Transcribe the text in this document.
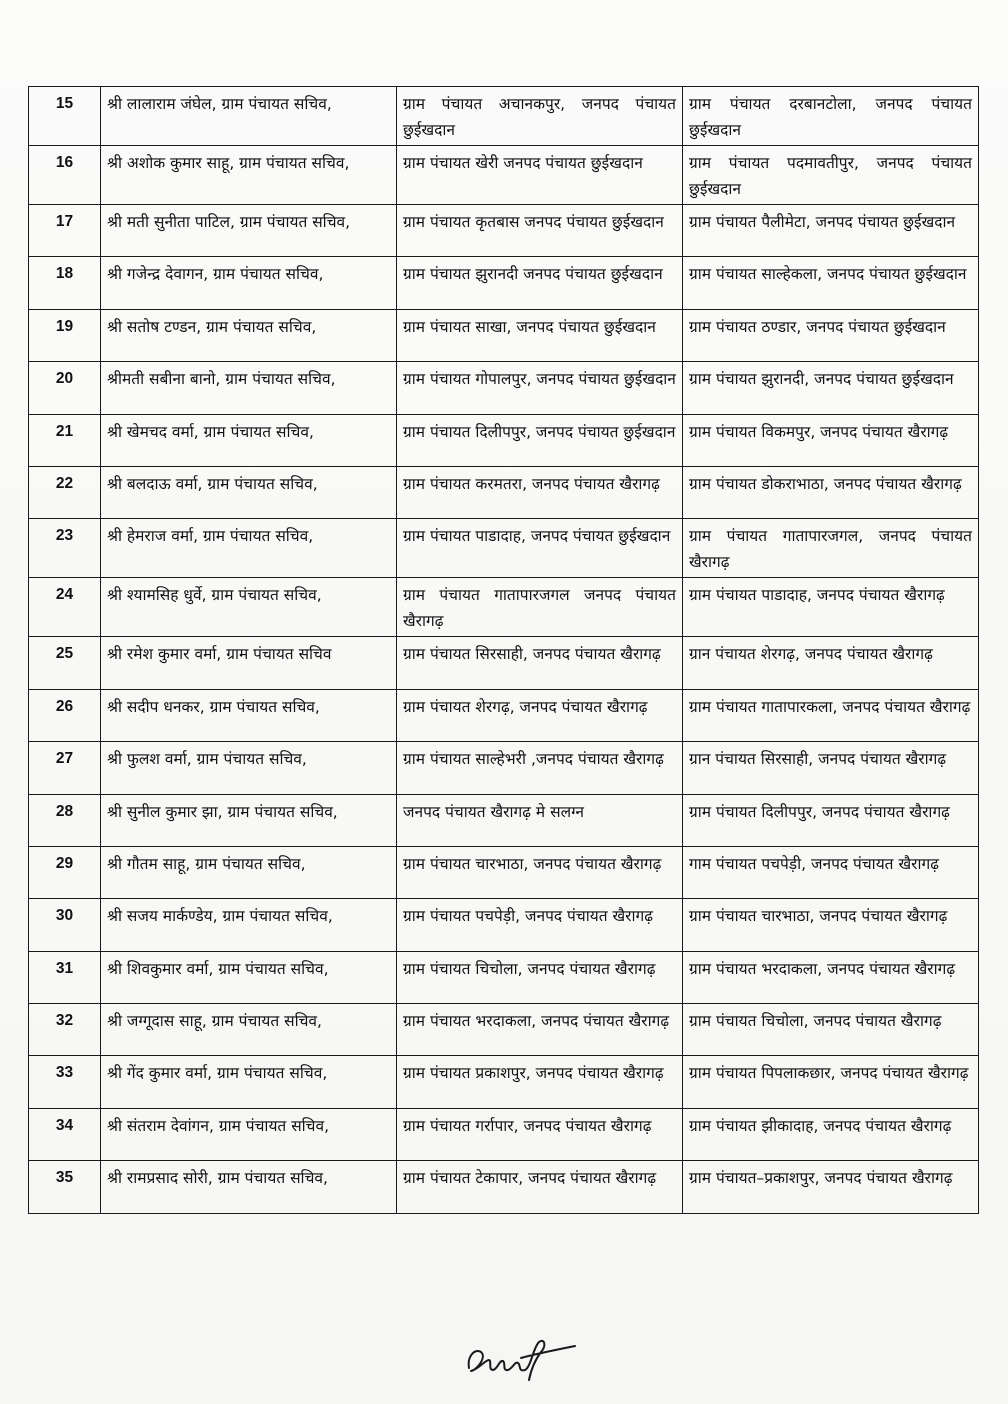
15	श्री लालाराम जंघेल, ग्राम पंचायत सचिव,	ग्राम पंचायत अचानकपुर, जनपद पंचायत छुईखदान	ग्राम पंचायत दरबानटोला, जनपद पंचायत छुईखदान
16	श्री अशोक कुमार साहू, ग्राम पंचायत सचिव,	ग्राम पंचायत खेरी जनपद पंचायत छुईखदान	ग्राम पंचायत पदमावतीपुर, जनपद पंचायत छुईखदान
17	श्री मती सुनीता पाटिल, ग्राम पंचायत सचिव,	ग्राम पंचायत कृतबास जनपद पंचायत छुईखदान	ग्राम पंचायत पैलीमेटा, जनपद पंचायत छुईखदान
18	श्री गजेन्द्र देवागन, ग्राम पंचायत सचिव,	ग्राम पंचायत झुरानदी जनपद पंचायत छुईखदान	ग्राम पंचायत साल्हेकला, जनपद पंचायत छुईखदान
19	श्री सतोष टण्डन, ग्राम पंचायत सचिव,	ग्राम पंचायत साखा, जनपद पंचायत छुईखदान	ग्राम पंचायत ठण्डार, जनपद पंचायत छुईखदान
20	श्रीमती सबीना बानो, ग्राम पंचायत सचिव,	ग्राम पंचायत गोपालपुर, जनपद पंचायत छुईखदान	ग्राम पंचायत झुरानदी, जनपद पंचायत छुईखदान
21	श्री खेमचद वर्मा, ग्राम पंचायत सचिव,	ग्राम पंचायत दिलीपपुर, जनपद पंचायत छुईखदान	ग्राम पंचायत विकमपुर, जनपद पंचायत खैरागढ़
22	श्री बलदाऊ वर्मा, ग्राम पंचायत सचिव,	ग्राम पंचायत करमतरा, जनपद पंचायत खैरागढ़	ग्राम पंचायत डोकराभाठा, जनपद पंचायत खैरागढ़
23	श्री हेमराज वर्मा, ग्राम पंचायत सचिव,	ग्राम पंचायत पाडादाह, जनपद पंचायत छुईखदान	ग्राम पंचायत गातापारजगल, जनपद पंचायत खैरागढ़
24	श्री श्यामसिह धुर्वे, ग्राम पंचायत सचिव,	ग्राम पंचायत गातापारजगल जनपद पंचायत खैरागढ़	ग्राम पंचायत पाडादाह, जनपद पंचायत खैरागढ़
25	श्री रमेश कुमार वर्मा, ग्राम पंचायत सचिव	ग्राम पंचायत सिरसाही, जनपद पंचायत खैरागढ़	ग्रान पंचायत शेरगढ़, जनपद पंचायत खैरागढ़
26	श्री सदीप धनकर, ग्राम पंचायत सचिव,	ग्राम पंचायत शेरगढ़, जनपद पंचायत खैरागढ़	ग्राम पंचायत गातापारकला, जनपद पंचायत खैरागढ़
27	श्री फुलश वर्मा, ग्राम पंचायत सचिव,	ग्राम पंचायत साल्हेभरी ,जनपद पंचायत खैरागढ़	ग्रान पंचायत सिरसाही, जनपद पंचायत खैरागढ़
28	श्री सुनील कुमार झा, ग्राम पंचायत सचिव,	जनपद पंचायत खैरागढ़ मे सलग्न	ग्राम पंचायत दिलीपपुर, जनपद पंचायत खैरागढ़
29	श्री गौतम साहू, ग्राम पंचायत सचिव,	ग्राम पंचायत चारभाठा, जनपद पंचायत खैरागढ़	गाम पंचायत पचपेड़ी, जनपद पंचायत खैरागढ़
30	श्री सजय मार्कण्डेय, ग्राम पंचायत सचिव,	ग्राम पंचायत पचपेड़ी, जनपद पंचायत खैरागढ़	ग्राम पंचायत चारभाठा, जनपद पंचायत खैरागढ़
31	श्री शिवकुमार वर्मा, ग्राम पंचायत सचिव,	ग्राम पंचायत चिचोला, जनपद पंचायत खैरागढ़	ग्राम पंचायत भरदाकला, जनपद पंचायत खैरागढ़
32	श्री जग्गूदास साहू, ग्राम पंचायत सचिव,	ग्राम पंचायत भरदाकला, जनपद पंचायत खैरागढ़	ग्राम पंचायत चिचोला, जनपद पंचायत खैरागढ़
33	श्री गेंद कुमार वर्मा, ग्राम पंचायत सचिव,	ग्राम पंचायत प्रकाशपुर, जनपद पंचायत खैरागढ़	ग्राम पंचायत पिपलाकछार, जनपद पंचायत खैरागढ़
34	श्री संतराम देवांगन, ग्राम पंचायत सचिव,	ग्राम पंचायत गर्रापार, जनपद पंचायत खैरागढ़	ग्राम पंचायत झीकादाह, जनपद पंचायत खैरागढ़
35	श्री रामप्रसाद सोरी, ग्राम पंचायत सचिव,	ग्राम पंचायत टेकापार, जनपद पंचायत खैरागढ़	ग्राम पंचायत–प्रकाशपुर, जनपद पंचायत खैरागढ़
